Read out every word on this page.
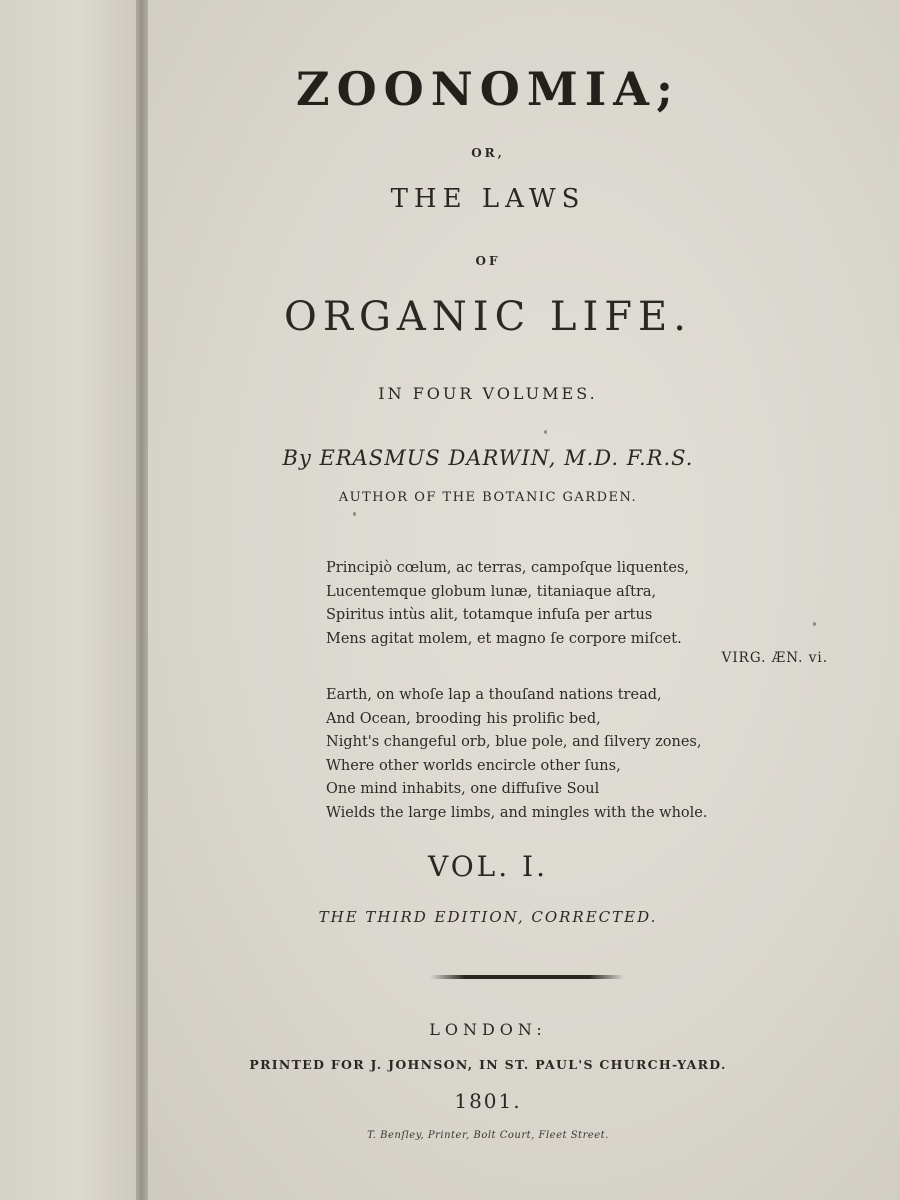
ZOONOMIA;
OR,
THE LAWS
OF
ORGANIC LIFE.
IN FOUR VOLUMES.
By ERASMUS DARWIN, M.D. F.R.S.
AUTHOR OF THE BOTANIC GARDEN.
Principiò cœlum, ac terras, campoſque liquentes,
Lucentemque globum lunæ, titaniaque aſtra,
Spiritus intùs alit, totamque infuſa per artus
Mens agitat molem, et magno ſe corpore miſcet.
VIRG. ÆN. vi.
Earth, on whoſe lap a thouſand nations tread,
And Ocean, brooding his prolific bed,
Night's changeful orb, blue pole, and ſilvery zones,
Where other worlds encircle other ſuns,
One mind inhabits, one diffuſive Soul
Wields the large limbs, and mingles with the whole.
VOL. I.
THE THIRD EDITION, CORRECTED.
LONDON:
PRINTED FOR J. JOHNSON, IN ST. PAUL'S CHURCH-YARD.
1801.
T. Benſley, Printer, Bolt Court, Fleet Street.
